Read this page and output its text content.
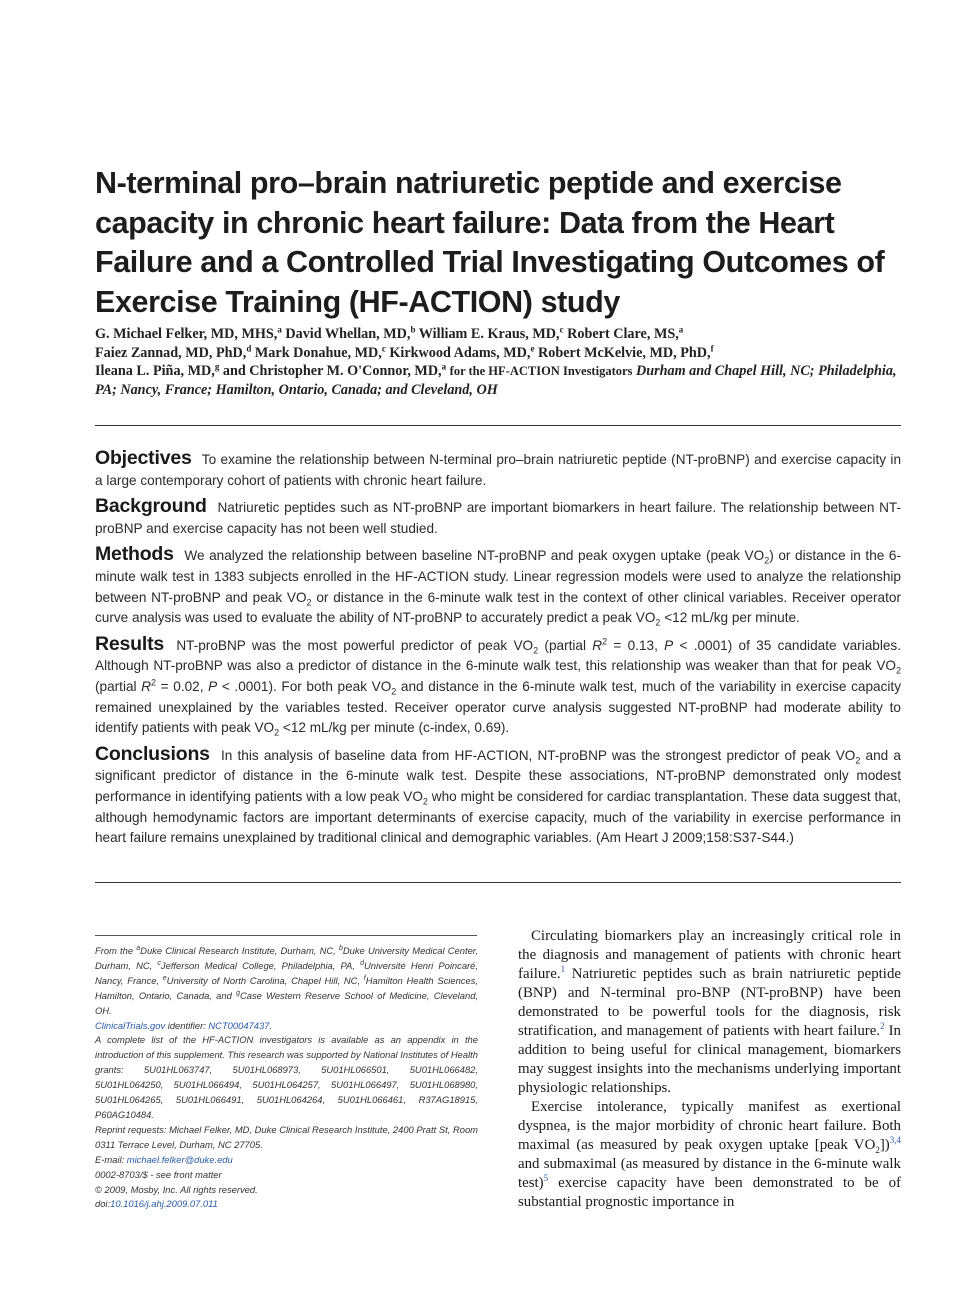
N-terminal pro–brain natriuretic peptide and exercise capacity in chronic heart failure: Data from the Heart Failure and a Controlled Trial Investigating Outcomes of Exercise Training (HF-ACTION) study
G. Michael Felker, MD, MHS,$^a$ David Whellan, MD,$^b$ William E. Kraus, MD,$^c$ Robert Clare, MS,$^a$
Faiez Zannad, MD, PhD,$^d$ Mark Donahue, MD,$^c$ Kirkwood Adams, MD,$^e$ Robert McKelvie, MD, PhD,$^f$
Ileana L. Piña, MD,$^g$ and Christopher M. O'Connor, MD,$^a$ for the HF-ACTION Investigators Durham and Chapel Hill, NC; Philadelphia, PA; Nancy, France; Hamilton, Ontario, Canada; and Cleveland, OH

Objectives To examine the relationship between N-terminal pro–brain natriuretic peptide (NT-proBNP) and exercise capacity in a large contemporary cohort of patients with chronic heart failure.

Background Natriuretic peptides such as NT-proBNP are important biomarkers in heart failure. The relationship between NT-proBNP and exercise capacity has not been well studied.

Methods We analyzed the relationship between baseline NT-proBNP and peak oxygen uptake (peak $VO_2$) or distance in the 6-minute walk test in 1383 subjects enrolled in the HF-ACTION study. Linear regression models were used to analyze the relationship between NT-proBNP and peak $VO_2$ or distance in the 6-minute walk test in the context of other clinical variables. Receiver operator curve analysis was used to evaluate the ability of NT-proBNP to accurately predict a peak $VO_2 <12$ mL/kg per minute.

Results NT-proBNP was the most powerful predictor of peak $VO_2$ (partial $R^2 = 0.13$, P < .0001) of 35 candidate variables. Although NT-proBNP was also a predictor of distance in the 6-minute walk test, this relationship was weaker than that for peak $VO_2$ (partial $R^2 = 0.02$, P < .0001). For both peak $VO_2$ and distance in the 6-minute walk test, much of the variability in exercise capacity remained unexplained by the variables tested. Receiver operator curve analysis suggested NT-proBNP had moderate ability to identify patients with peak $VO_2 <12$ mL/kg per minute (c-index, 0.69).

Conclusions In this analysis of baseline data from HF-ACTION, NT-proBNP was the strongest predictor of peak $VO_2$ and a significant predictor of distance in the 6-minute walk test. Despite these associations, NT-proBNP demonstrated only modest performance in identifying patients with a low peak $VO_2$ who might be considered for cardiac transplantation. These data suggest that, although hemodynamic factors are important determinants of exercise capacity, much of the variability in exercise performance in heart failure remains unexplained by traditional clinical and demographic variables. (Am Heart J 2009;158:S37-S44.)

From the $^a$Duke Clinical Research Institute, Durham, NC, $^b$Duke University Medical Center, Durham, NC, $^c$Jefferson Medical College, Philadelphia, PA, $^d$Université Henri Poincaré, Nancy, France, $^e$University of North Carolina, Chapel Hill, NC, $^f$Hamilton Health Sciences, Hamilton, Ontario, Canada, and $^g$Case Western Reserve School of Medicine, Cleveland, OH.

ClinicalTrials.gov identifier: NCT00047437.

A complete list of the HF-ACTION investigators is available as an appendix in the introduction of this supplement. This research was supported by National Institutes of Health grants: 5U01HL063747, 5U01HL068973, 5U01HL066501, 5U01HL066482, 5U01HL064250, 5U01HL066494, 5U01HL064257, 5U01HL066497, 5U01HL068980, 5U01HL064265, 5U01HL066491, 5U01HL064264, 5U01HL066461, R37AG18915, P60AG10484.

Reprint requests: Michael Felker, MD, Duke Clinical Research Institute, 2400 Pratt St, Room 0311 Terrace Level, Durham, NC 27705.

E-mail: michael.felker@duke.edu

0002-8703/$ - see front matter

© 2009, Mosby, Inc. All rights reserved.

doi:10.1016/j.ahj.2009.07.011

Circulating biomarkers play an increasingly critical role in the diagnosis and management of patients with chronic heart failure.$^1$ Natriuretic peptides such as brain natriuretic peptide (BNP) and N-terminal pro-BNP (NT-proBNP) have been demonstrated to be powerful tools for the diagnosis, risk stratification, and management of patients with heart failure.$^2$ In addition to being useful for clinical management, biomarkers may suggest insights into the mechanisms underlying important physiologic relationships.

Exercise intolerance, typically manifest as exertional dyspnea, is the major morbidity of chronic heart failure. Both maximal (as measured by peak oxygen uptake [peak $VO_2])^{3,4}$ and submaximal (as measured by distance in the 6-minute walk test)$^5$ exercise capacity have been demonstrated to be of substantial prognostic importance in
